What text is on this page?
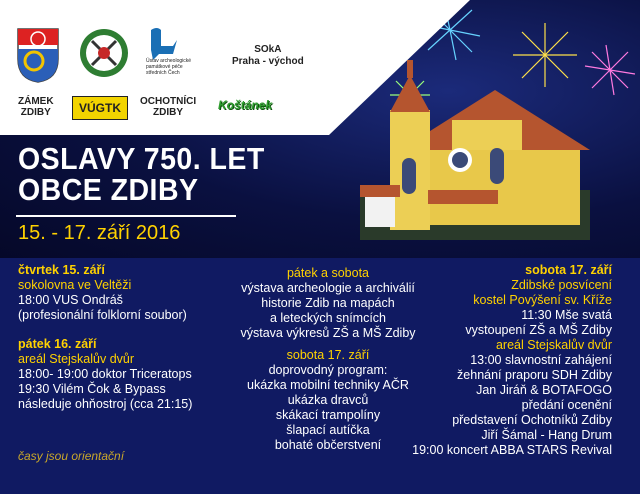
Ústav archeologické
památkové péče
středních Čech
SOkA
Praha - východ
ZÁMEK
ZDIBY	VÚGTK	OCHOTNÍCI
ZDIBY
Koštánek
OSLAVY 750. LET
OBCE ZDIBY
15. - 17. září 2016
čtvrtek 15. září
sokolovna ve Veltěži
18:00 VUS Ondráš
(profesionální folklorní soubor)
pátek 16. září
areál Stejskalův dvůr
18:00- 19:00 doktor Triceratops
19:30 Vilém Čok & Bypass
následuje ohňostroj (cca 21:15)
pátek a sobota
výstava archeologie a archiválií
historie Zdib na mapách
a leteckých snímcích
výstava výkresů ZŠ a MŠ Zdiby
sobota 17. září
doprovodný program:
ukázka mobilní techniky AČR
ukázka dravců
skákací trampolíny
šlapací autíčka
bohaté občerstvení
sobota 17. září
Zdibské posvícení
kostel Povýšení sv. Kříže
11:30 Mše svatá
vystoupení ZŠ a MŠ Zdiby
areál Stejskalův dvůr
13:00 slavnostní zahájení
žehnání praporu SDH Zdiby
Jan Jiráň & BOTAFOGO
předání ocenění
představení Ochotníků Zdiby
Jiří Šámal - Hang Drum
19:00 koncert ABBA STARS Revival
časy jsou orientační
